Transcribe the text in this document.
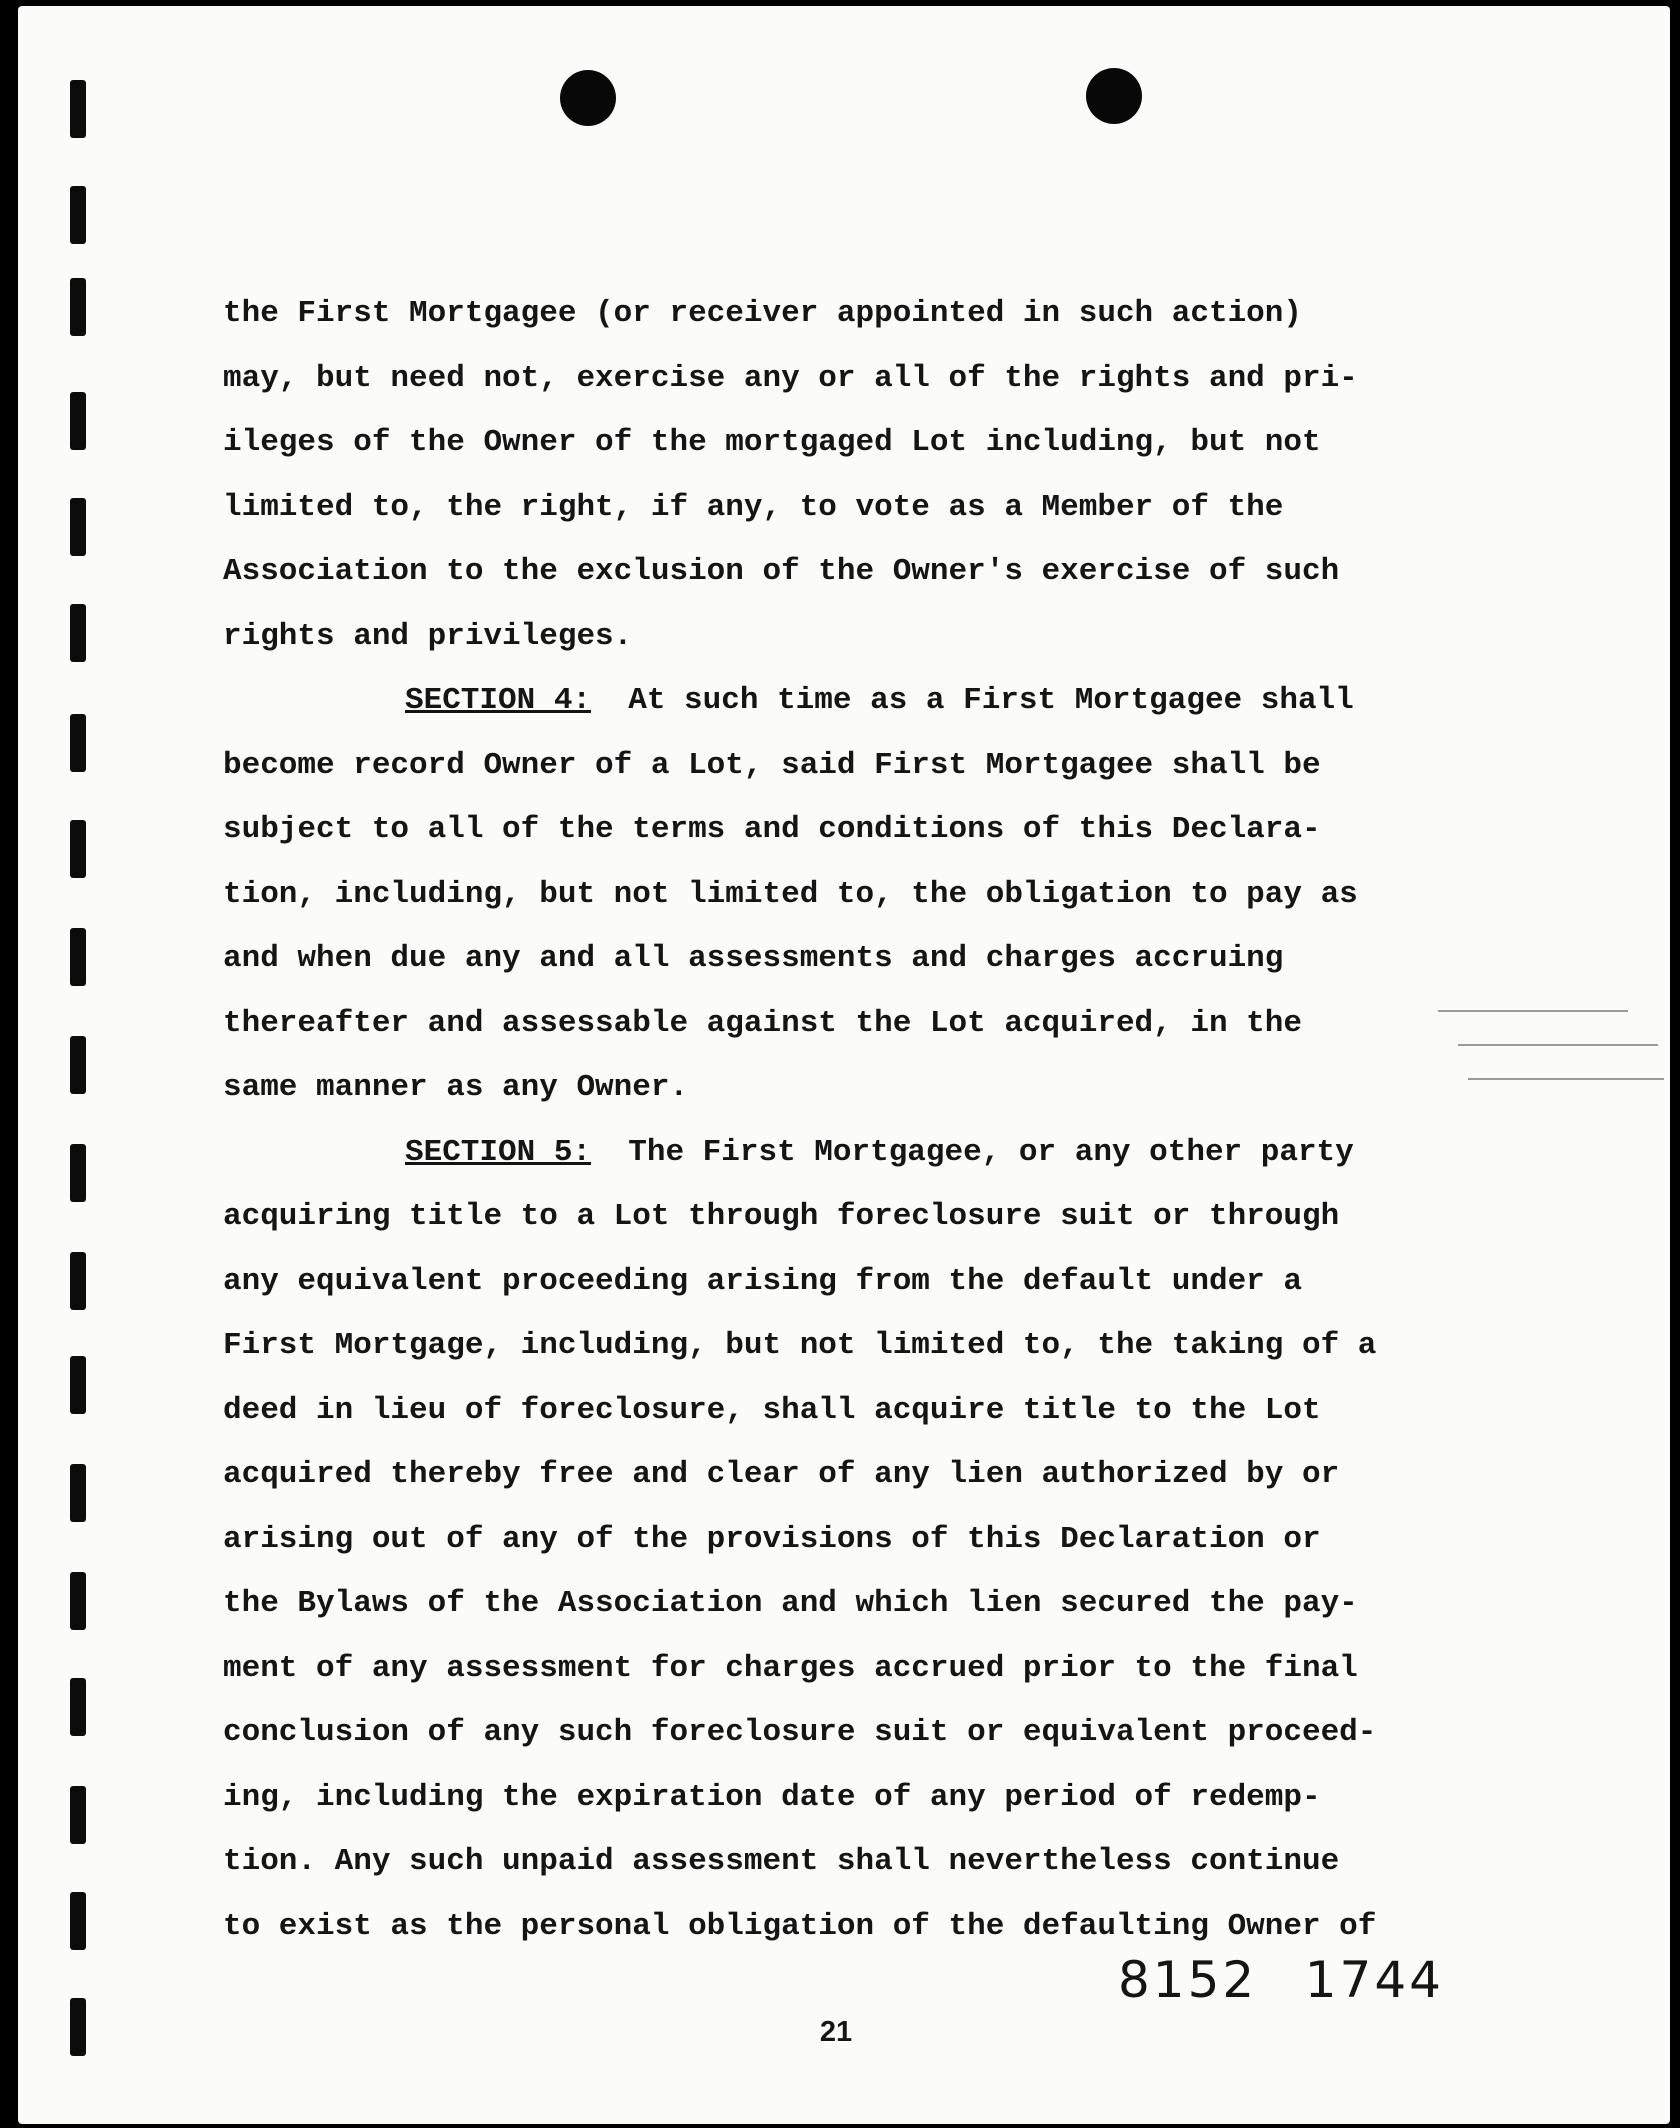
the First Mortgagee (or receiver appointed in such action)
may, but need not, exercise any or all of the rights and pri-
ileges of the Owner of the mortgaged Lot including, but not
limited to, the right, if any, to vote as a Member of the
Association to the exclusion of the Owner's exercise of such
rights and privileges.
SECTION 4: At such time as a First Mortgagee shall
become record Owner of a Lot, said First Mortgagee shall be
subject to all of the terms and conditions of this Declara-
tion, including, but not limited to, the obligation to pay as
and when due any and all assessments and charges accruing
thereafter and assessable against the Lot acquired, in the
same manner as any Owner.
SECTION 5: The First Mortgagee, or any other party
acquiring title to a Lot through foreclosure suit or through
any equivalent proceeding arising from the default under a
First Mortgage, including, but not limited to, the taking of a
deed in lieu of foreclosure, shall acquire title to the Lot
acquired thereby free and clear of any lien authorized by or
arising out of any of the provisions of this Declaration or
the Bylaws of the Association and which lien secured the pay-
ment of any assessment for charges accrued prior to the final
conclusion of any such foreclosure suit or equivalent proceed-
ing, including the expiration date of any period of redemp-
tion. Any such unpaid assessment shall nevertheless continue
to exist as the personal obligation of the defaulting Owner of
8152 1744
21
